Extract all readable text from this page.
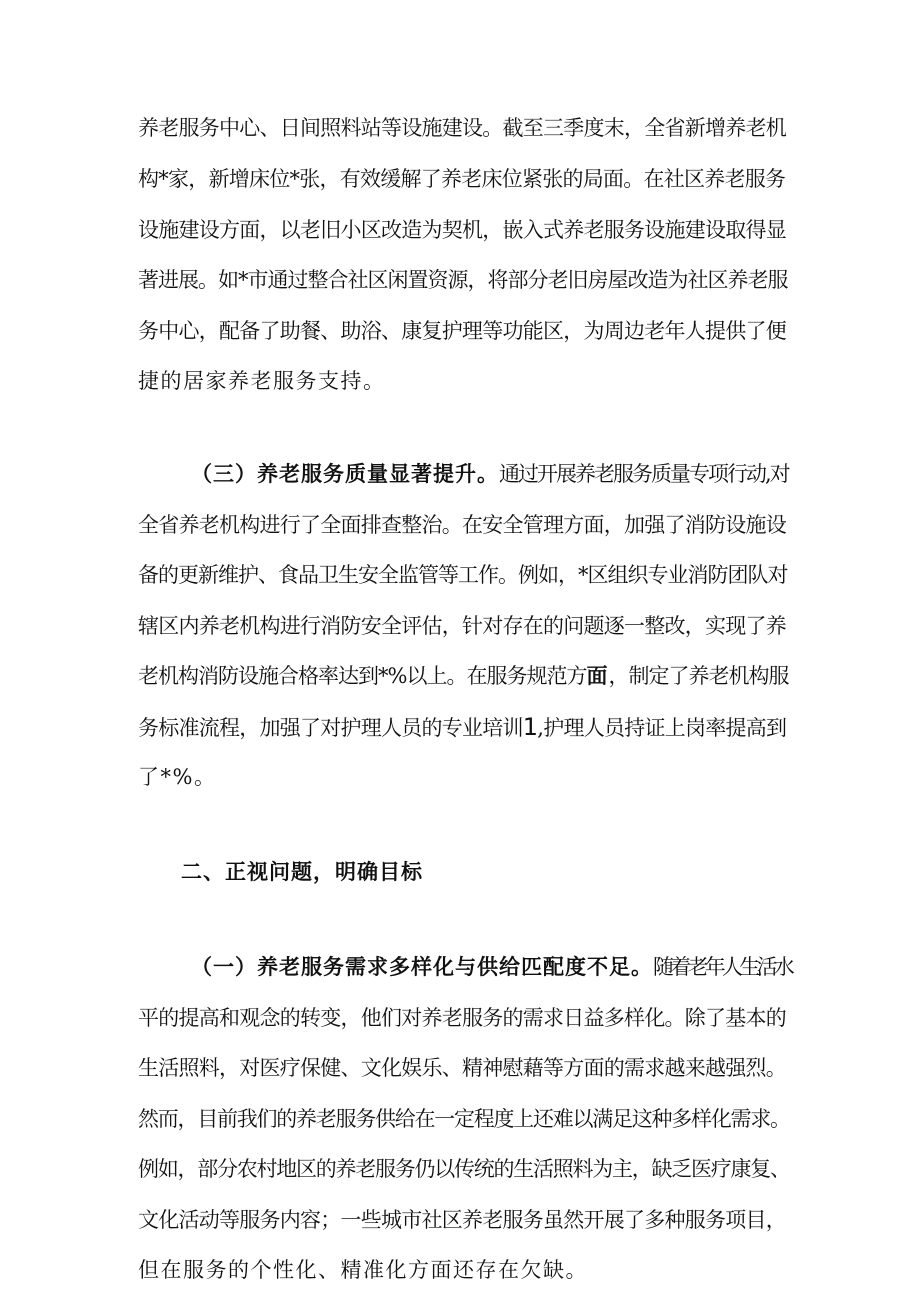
养老服务中心、日间照料站等设施建设。截至三季度末，全省新增养老机
构*家，新增床位*张，有效缓解了养老床位紧张的局面。在社区养老服务
设施建设方面，以老旧小区改造为契机，嵌入式养老服务设施建设取得显
著进展。如*市通过整合社区闲置资源，将部分老旧房屋改造为社区养老服
务中心，配备了助餐、助浴、康复护理等功能区，为周边老年人提供了便
捷的居家养老服务支持。
（三）养老服务质量显著提升。通过开展养老服务质量专项行动,对
全省养老机构进行了全面排查整治。在安全管理方面，加强了消防设施设
备的更新维护、食品卫生安全监管等工作。例如，*区组织专业消防团队对
辖区内养老机构进行消防安全评估，针对存在的问题逐一整改，实现了养
老机构消防设施合格率达到*%以上。在服务规范方面，制定了养老机构服
务标准流程，加强了对护理人员的专业培训1,护理人员持证上岗率提高到
了*%。
二、正视问题，明确目标
（一）养老服务需求多样化与供给匹配度不足。随着老年人生活水
平的提高和观念的转变，他们对养老服务的需求日益多样化。除了基本的
生活照料，对医疗保健、文化娱乐、精神慰藉等方面的需求越来越强烈。
然而，目前我们的养老服务供给在一定程度上还难以满足这种多样化需求。
例如，部分农村地区的养老服务仍以传统的生活照料为主，缺乏医疗康复、
文化活动等服务内容；一些城市社区养老服务虽然开展了多种服务项目，
但在服务的个性化、精准化方面还存在欠缺。
